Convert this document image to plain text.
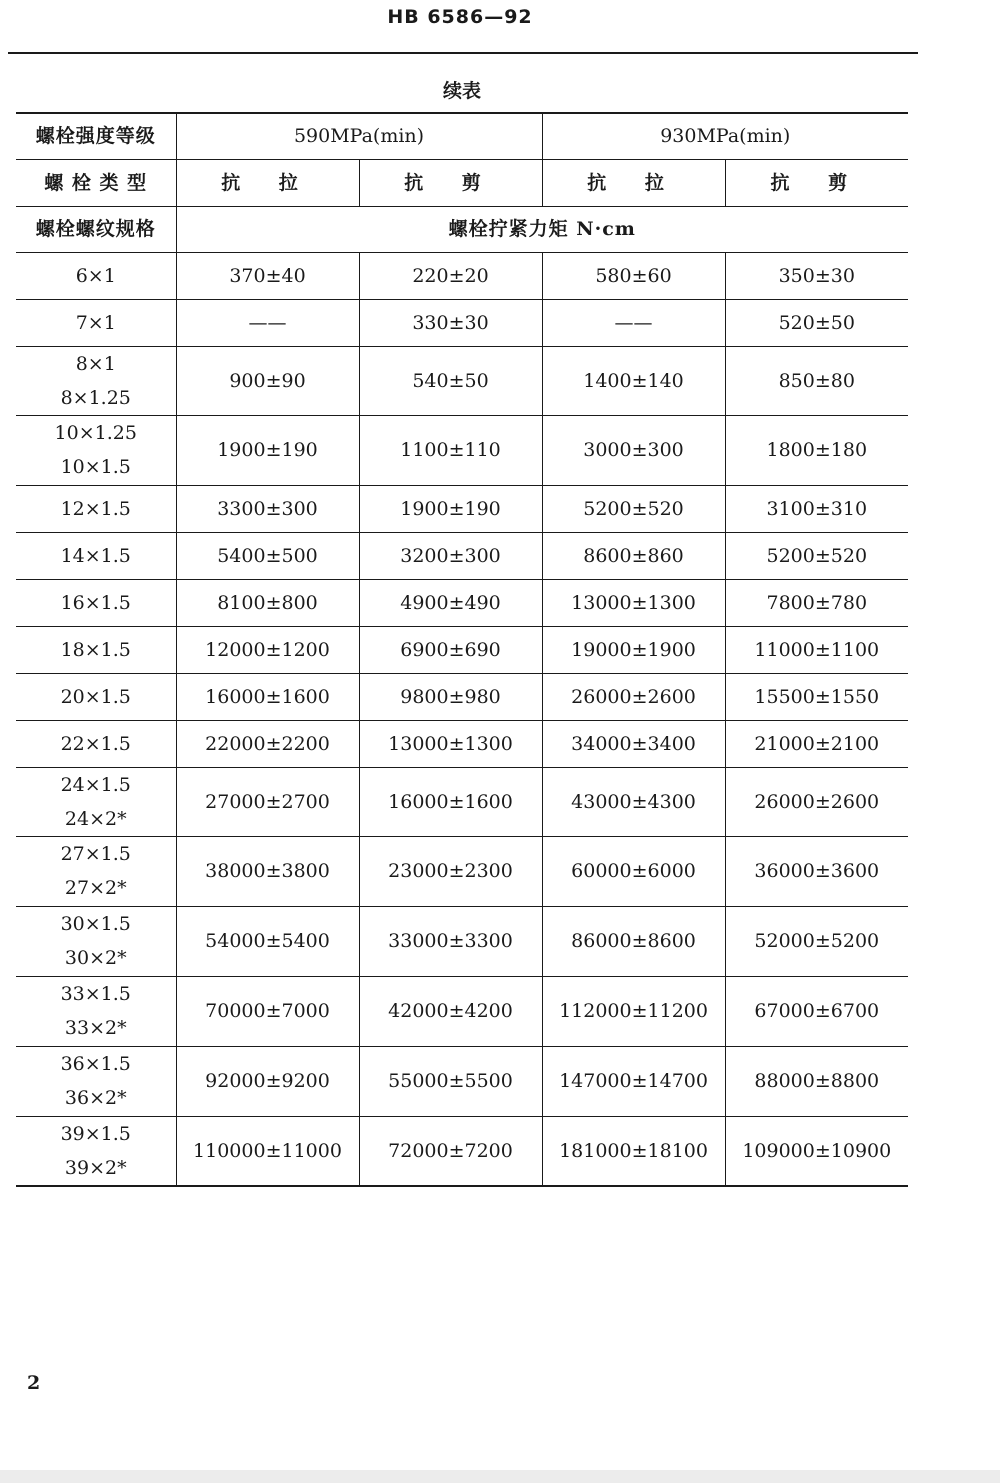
HB 6586—92
续表
螺栓强度等级	590MPa(min)		930MPa(min)	
螺 栓 类 型	抗 拉	抗 剪	抗 拉	抗 剪
螺栓螺纹规格	螺栓拧紧力矩 N·cm			

6×1	370±40	220±20	580±60	350±30

7×1	——	330±30	——	520±50

8×1
8×1.25	900±90	540±50	1400±140	850±80

10×1.25
10×1.5	1900±190	1100±110	3000±300	1800±180

12×1.5	3300±300	1900±190	5200±520	3100±310

14×1.5	5400±500	3200±300	8600±860	5200±520

16×1.5	8100±800	4900±490	13000±1300	7800±780

18×1.5	12000±1200	6900±690	19000±1900	11000±1100

20×1.5	16000±1600	9800±980	26000±2600	15500±1550

22×1.5	22000±2200	13000±1300	34000±3400	21000±2100

24×1.5
24×2*	27000±2700	16000±1600	43000±4300	26000±2600

27×1.5
27×2*	38000±3800	23000±2300	60000±6000	36000±3600

30×1.5
30×2*	54000±5400	33000±3300	86000±8600	52000±5200

33×1.5
33×2*	70000±7000	42000±4200	112000±11200	67000±6700

36×1.5
36×2*	92000±9200	55000±5500	147000±14700	88000±8800

39×1.5
39×2*	110000±11000	72000±7200	181000±18100	109000±10900
2
